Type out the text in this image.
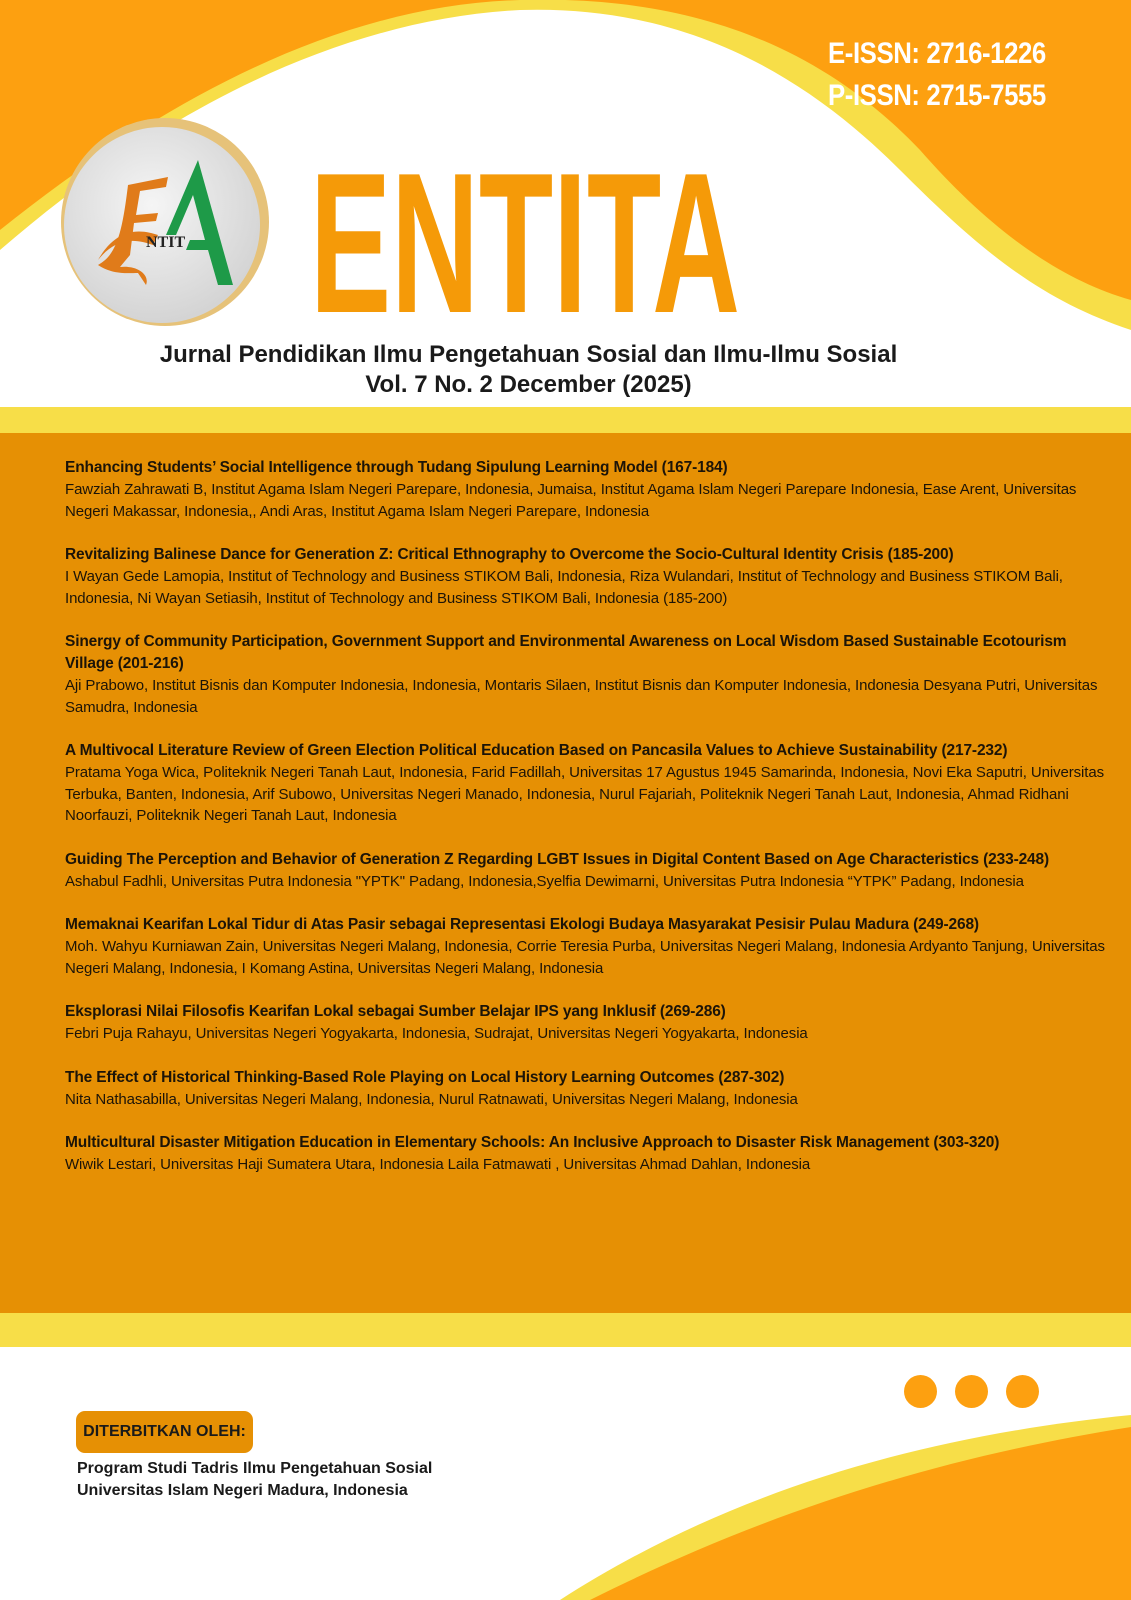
E-ISSN: 2716-1226
P-ISSN: 2715-7555
NTIT ENTITA
Jurnal Pendidikan Ilmu Pengetahuan Sosial dan Ilmu-Ilmu Sosial
Vol. 7 No. 2 December (2025)
Enhancing Students’ Social Intelligence through Tudang Sipulung Learning Model (167-184)
Fawziah Zahrawati B, Institut Agama Islam Negeri Parepare, Indonesia, Jumaisa, Institut Agama Islam Negeri Parepare Indonesia, Ease Arent, Universitas Negeri Makassar, Indonesia,, Andi Aras, Institut Agama Islam Negeri Parepare, Indonesia
Revitalizing Balinese Dance for Generation Z: Critical Ethnography to Overcome the Socio-Cultural Identity Crisis (185-200)
I Wayan Gede Lamopia, Institut of Technology and Business STIKOM Bali, Indonesia, Riza Wulandari, Institut of Technology and Business STIKOM Bali, Indonesia, Ni Wayan Setiasih, Institut of Technology and Business STIKOM Bali, Indonesia (185-200)
Sinergy of Community Participation, Government Support and Environmental Awareness on Local Wisdom Based Sustainable Ecotourism Village (201-216)
Aji Prabowo, Institut Bisnis dan Komputer Indonesia, Indonesia, Montaris Silaen, Institut Bisnis dan Komputer Indonesia, Indonesia Desyana Putri, Universitas Samudra, Indonesia
A Multivocal Literature Review of Green Election Political Education Based on Pancasila Values to Achieve Sustainability (217-232)
Pratama Yoga Wica, Politeknik Negeri Tanah Laut, Indonesia, Farid Fadillah, Universitas 17 Agustus 1945 Samarinda, Indonesia, Novi Eka Saputri, Universitas Terbuka, Banten, Indonesia, Arif Subowo, Universitas Negeri Manado, Indonesia, Nurul Fajariah, Politeknik Negeri Tanah Laut, Indonesia, Ahmad Ridhani Noorfauzi, Politeknik Negeri Tanah Laut, Indonesia
Guiding The Perception and Behavior of Generation Z Regarding LGBT Issues in Digital Content Based on Age Characteristics (233-248)
Ashabul Fadhli, Universitas Putra Indonesia "YPTK" Padang, Indonesia,Syelfia Dewimarni, Universitas Putra Indonesia “YTPK” Padang, Indonesia
Memaknai Kearifan Lokal Tidur di Atas Pasir sebagai Representasi Ekologi Budaya Masyarakat Pesisir Pulau Madura (249-268)
Moh. Wahyu Kurniawan Zain, Universitas Negeri Malang, Indonesia, Corrie Teresia Purba, Universitas Negeri Malang, Indonesia Ardyanto Tanjung, Universitas Negeri Malang, Indonesia, I Komang Astina, Universitas Negeri Malang, Indonesia
Eksplorasi Nilai Filosofis Kearifan Lokal sebagai Sumber Belajar IPS yang Inklusif (269-286)
Febri Puja Rahayu, Universitas Negeri Yogyakarta, Indonesia, Sudrajat, Universitas Negeri Yogyakarta, Indonesia
The Effect of Historical Thinking-Based Role Playing on Local History Learning Outcomes (287-302)
Nita Nathasabilla, Universitas Negeri Malang, Indonesia, Nurul Ratnawati, Universitas Negeri Malang, Indonesia
Multicultural Disaster Mitigation Education in Elementary Schools: An Inclusive Approach to Disaster Risk Management (303-320)
Wiwik Lestari, Universitas Haji Sumatera Utara, Indonesia Laila Fatmawati , Universitas Ahmad Dahlan, Indonesia
DITERBITKAN OLEH:
Program Studi Tadris Ilmu Pengetahuan Sosial
Universitas Islam Negeri Madura, Indonesia
